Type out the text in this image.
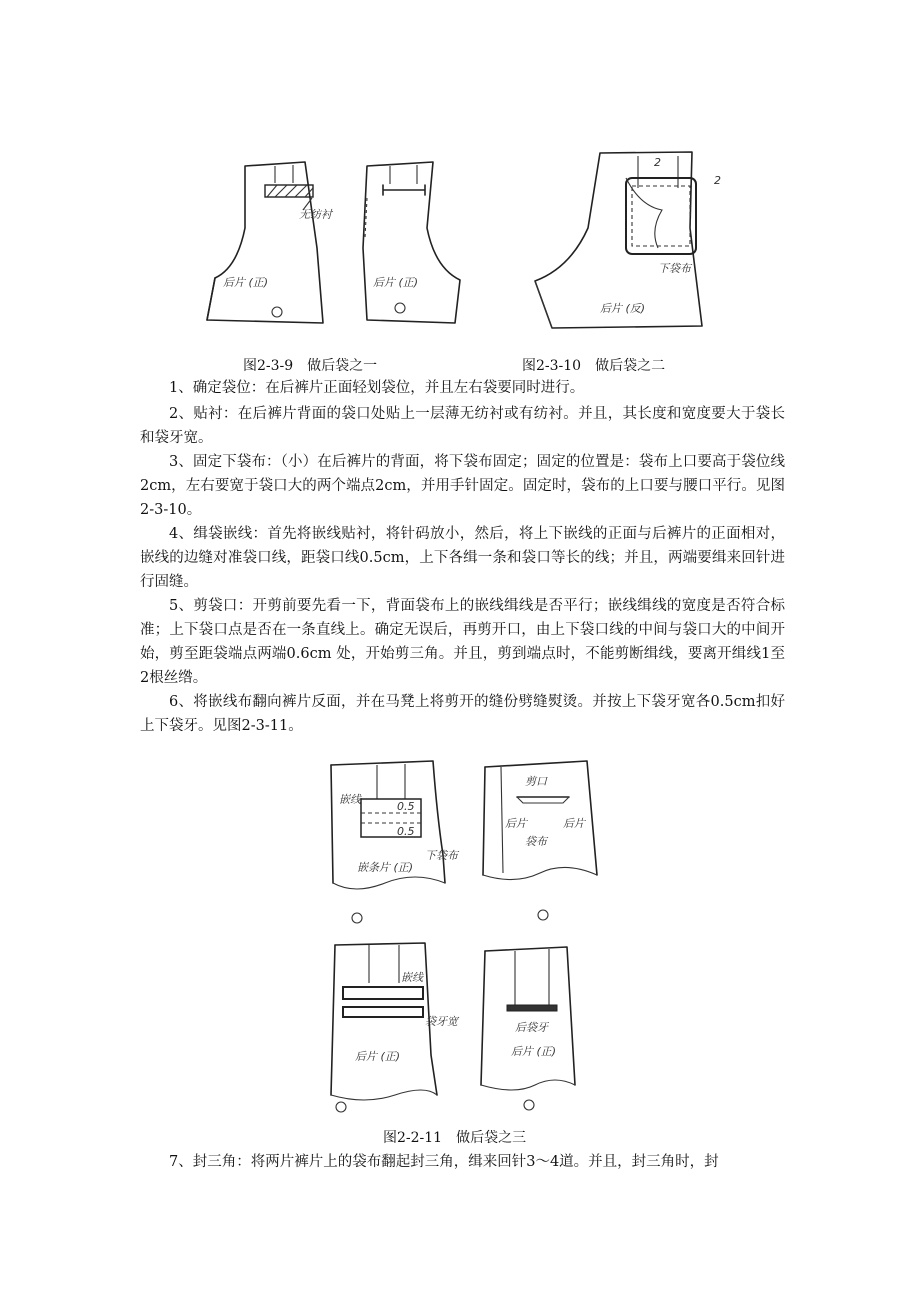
无纺衬
后片 (正)	后片 (正)
2
2
下袋布
后片 (反)
图2-3-9　做后袋之一	图2-3-10　做后袋之二

1、确定袋位：在后裤片正面轻划袋位，并且左右袋要同时进行。

2、贴衬：在后裤片背面的袋口处贴上一层薄无纺衬或有纺衬。并且，其长度和宽度要大于袋长和袋牙宽。

3、固定下袋布：（小）在后裤片的背面，将下袋布固定；固定的位置是：袋布上口要高于袋位线2cm，左右要宽于袋口大的两个端点2cm，并用手针固定。固定时，袋布的上口要与腰口平行。见图2-3-10。

4、缉袋嵌线：首先将嵌线贴衬，将针码放小，然后，将上下嵌线的正面与后裤片的正面相对，嵌线的边缝对准袋口线，距袋口线0.5cm，上下各缉一条和袋口等长的线；并且，两端要缉来回针进行固缝。

5、剪袋口：开剪前要先看一下，背面袋布上的嵌线缉线是否平行；嵌线缉线的宽度是否符合标准；上下袋口点是否在一条直线上。确定无误后，再剪开口，由上下袋口线的中间与袋口大的中间开始，剪至距袋端点两端0.6cm 处，开始剪三角。并且，剪到端点时，不能剪断缉线，要离开缉线1至2根丝绺。

6、将嵌线布翻向裤片反面，并在马凳上将剪开的缝份劈缝熨烫。并按上下袋牙宽各0.5cm扣好上下袋牙。见图2-3-11。

嵌线
0.5
0.5
嵌条片 (正)
下袋布
剪口
后片	后片
袋布
嵌线
袋牙宽
后片 (正)
后袋牙
后片 (正)
图2-2-11　做后袋之三

7、封三角：将两片裤片上的袋布翻起封三角，缉来回针3～4道。并且，封三角时，封
